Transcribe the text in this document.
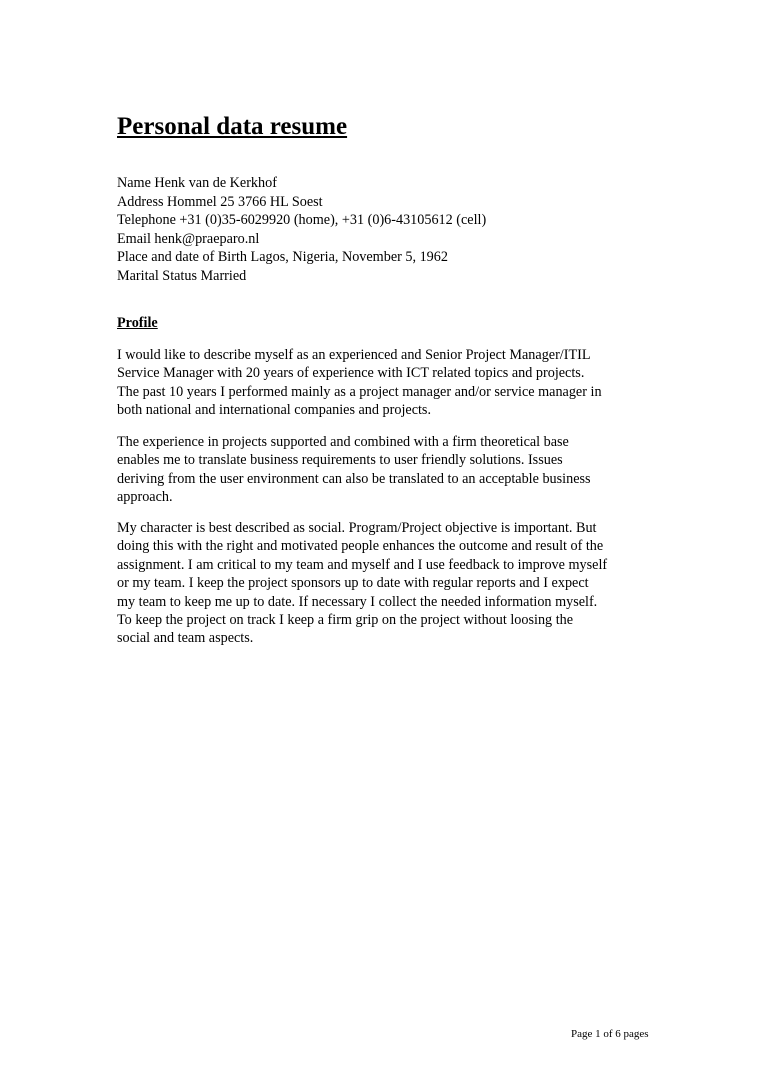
Personal data resume
Name Henk van de Kerkhof
Address Hommel 25 3766 HL Soest
Telephone +31 (0)35-6029920 (home), +31 (0)6-43105612 (cell)
Email henk@praeparo.nl
Place and date of Birth Lagos, Nigeria, November 5, 1962
Marital Status Married
Profile
I would like to describe myself as an experienced and Senior Project Manager/ITIL
Service Manager with 20 years of experience with ICT related topics and projects.
The past 10 years I performed mainly as a project manager and/or service manager in
both national and international companies and projects.
The experience in projects supported and combined with a firm theoretical base
enables me to translate business requirements to user friendly solutions. Issues
deriving from the user environment can also be translated to an acceptable business
approach.
My character is best described as social. Program/Project objective is important. But
doing this with the right and motivated people enhances the outcome and result of the
assignment. I am critical to my team and myself and I use feedback to improve myself
or my team. I keep the project sponsors up to date with regular reports and I expect
my team to keep me up to date. If necessary I collect the needed information myself.
To keep the project on track I keep a firm grip on the project without loosing the
social and team aspects.
Page 1 of 6 pages
